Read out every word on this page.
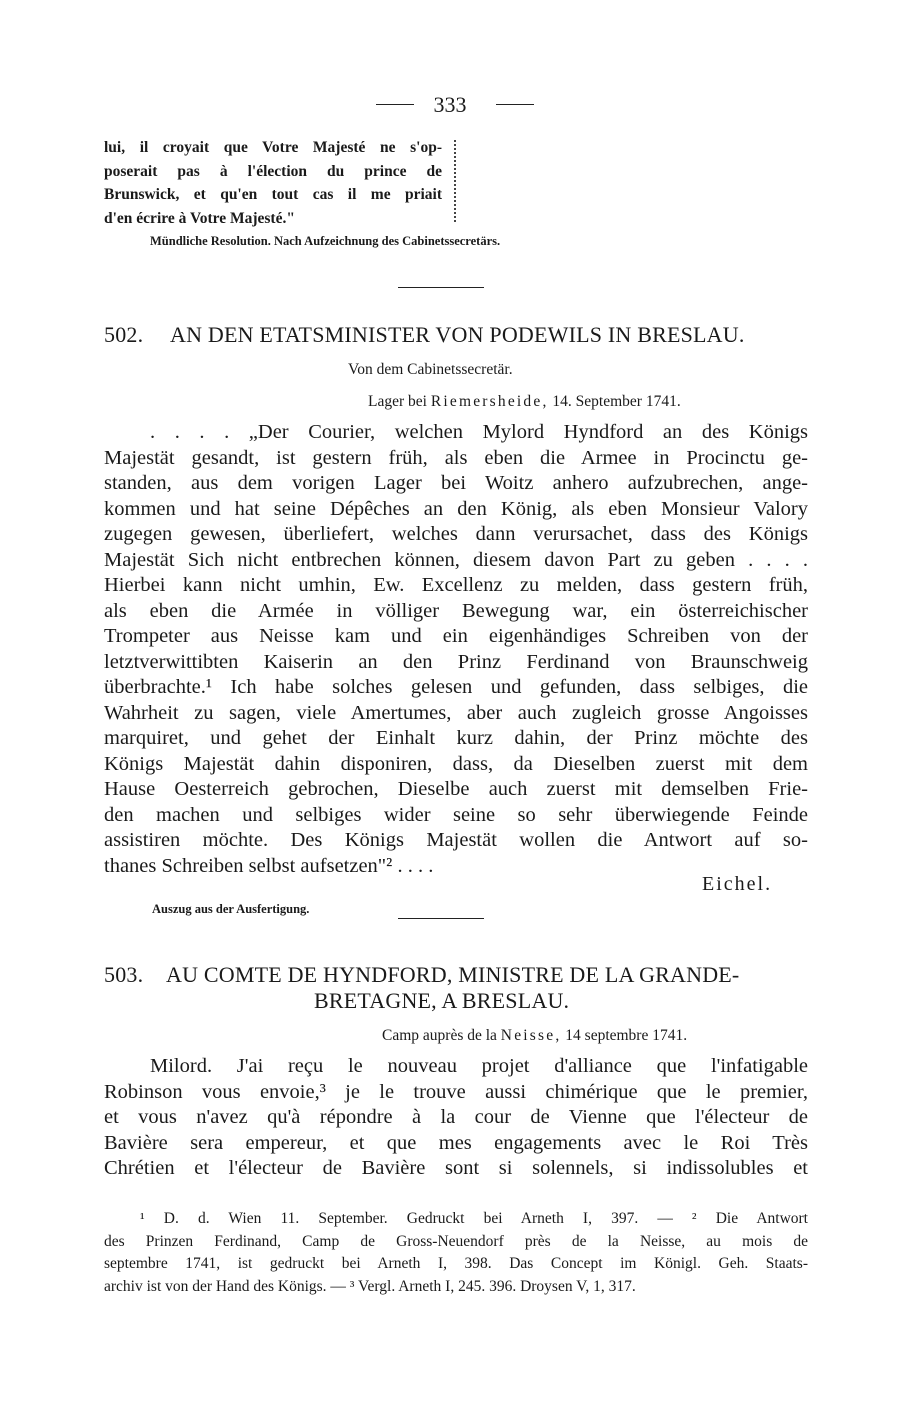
333
lui, il croyait que Votre Majesté ne s'op-
poserait pas à l'élection du prince de
Brunswick, et qu'en tout cas il me priait
d'en écrire à Votre Majesté."
Mündliche Resolution. Nach Aufzeichnung des Cabinetssecretärs.
502. AN DEN ETATSMINISTER VON PODEWILS IN BRESLAU.
Von dem Cabinetssecretär.
Lager bei Riemersheide, 14. September 1741.
. . . . „Der Courier, welchen Mylord Hyndford an des Königs
Majestät gesandt, ist gestern früh, als eben die Armee in Procinctu ge-
standen, aus dem vorigen Lager bei Woitz anhero aufzubrechen, ange-
kommen und hat seine Dépêches an den König, als eben Monsieur Valory
zugegen gewesen, überliefert, welches dann verursachet, dass des Königs
Majestät Sich nicht entbrechen können, diesem davon Part zu geben . . . .
Hierbei kann nicht umhin, Ew. Excellenz zu melden, dass gestern früh,
als eben die Armée in völliger Bewegung war, ein österreichischer
Trompeter aus Neisse kam und ein eigenhändiges Schreiben von der
letztverwittibten Kaiserin an den Prinz Ferdinand von Braunschweig
überbrachte.¹ Ich habe solches gelesen und gefunden, dass selbiges, die
Wahrheit zu sagen, viele Amertumes, aber auch zugleich grosse Angoisses
marquiret, und gehet der Einhalt kurz dahin, der Prinz möchte des
Königs Majestät dahin disponiren, dass, da Dieselben zuerst mit dem
Hause Oesterreich gebrochen, Dieselbe auch zuerst mit demselben Frie-
den machen und selbiges wider seine so sehr überwiegende Feinde
assistiren möchte. Des Königs Majestät wollen die Antwort auf so-
thanes Schreiben selbst aufsetzen"² . . . .
Eichel.
Auszug aus der Ausfertigung.
503. AU COMTE DE HYNDFORD, MINISTRE DE LA GRANDE-
BRETAGNE, A BRESLAU.
Camp auprès de la Neisse, 14 septembre 1741.
Milord. J'ai reçu le nouveau projet d'alliance que l'infatigable
Robinson vous envoie,³ je le trouve aussi chimérique que le premier,
et vous n'avez qu'à répondre à la cour de Vienne que l'électeur de
Bavière sera empereur, et que mes engagements avec le Roi Très
Chrétien et l'électeur de Bavière sont si solennels, si indissolubles et
¹ D. d. Wien 11. September. Gedruckt bei Arneth I, 397. — ² Die Antwort
des Prinzen Ferdinand, Camp de Gross-Neuendorf près de la Neisse, au mois de
septembre 1741, ist gedruckt bei Arneth I, 398. Das Concept im Königl. Geh. Staats-
archiv ist von der Hand des Königs. — ³ Vergl. Arneth I, 245. 396. Droysen V, 1, 317.
